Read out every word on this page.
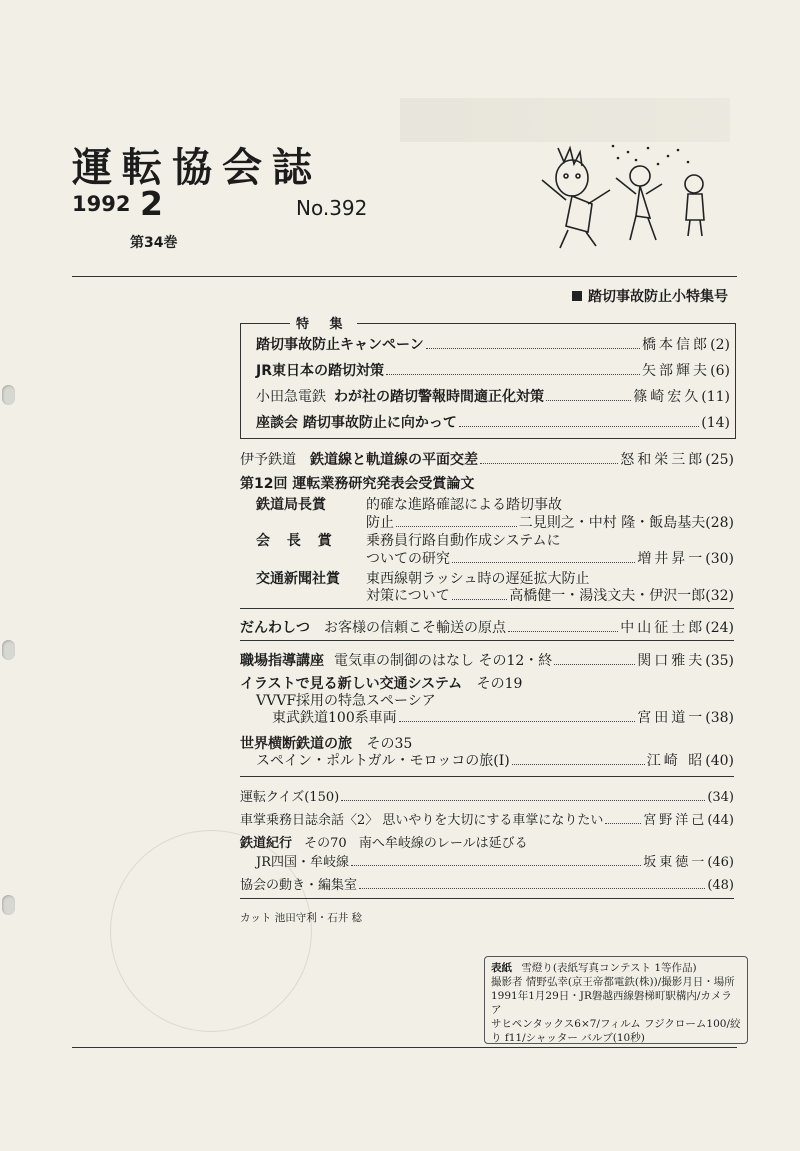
運転協会誌
1992 2	No.392
第34巻
踏切事故防止小特集号
特 集
踏切事故防止キャンペーン	橋本信郎 (2)
JR東日本の踏切対策	矢部輝夫 (6)
小田急電鉄 わが社の踏切警報時間適正化対策	篠崎宏久 (11)
座談会 踏切事故防止に向かって	(14)
伊予鉄道 鉄道線と軌道線の平面交差	怒和栄三郎 (25)
第12回 運転業務研究発表会受賞論文
鉄道局長賞	的確な進路確認による踏切事故
防止	二見則之・中村 隆・飯島基夫 (28)
会 長 賞 乗務員行路自動作成システムに
ついての研究	増井昇一 (30)
交通新聞社賞 東西線朝ラッシュ時の遅延拡大防止
対策について	高橋健一・湯浅文夫・伊沢一郎 (32)
だんわしつ お客様の信頼こそ輸送の原点	中山征士郎 (24)
職場指導講座 電気車の制御のはなし その12・終	関口雅夫 (35)
イラストで見る新しい交通システム その19
VVVF採用の特急スペーシア
東武鉄道100系車両	宮田道一 (38)
世界横断鉄道の旅 その35
スペイン・ポルトガル・モロッコの旅(I)	江崎 昭 (40)
運転クイズ(150)	(34)
車掌乗務日誌余話〈2〉 思いやりを大切にする車掌になりたい	宮野洋己 (44)
鉄道紀行 その70 南へ牟岐線のレールは延びる
JR四国・牟岐線	坂東徳一 (46)
協会の動き・編集室	(48)
カット 池田守利・石井 稔
表紙 雪燈り(表紙写真コンテスト 1等作品)
撮影者 情野弘幸(京王帝都電鉄(株))/撮影月日・場所
1991年1月29日・JR磐越西線磐梯町駅構内/カメラ ア
サヒペンタックス6×7/フィルム フジクローム100/絞
り f11/シャッター バルブ(10秒)
